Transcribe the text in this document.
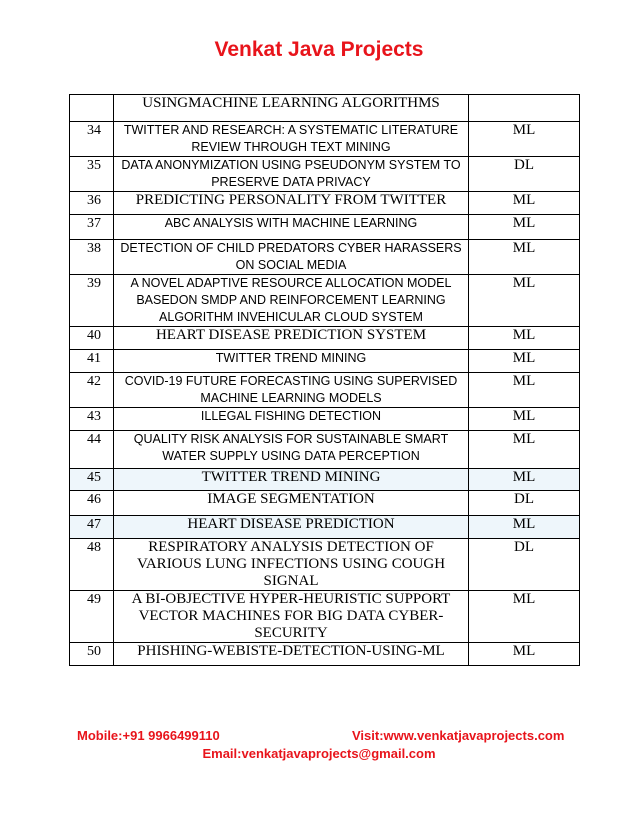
Venkat Java Projects
	USINGMACHINE LEARNING ALGORITHMS	
34	TWITTER AND RESEARCH: A SYSTEMATIC LITERATURE REVIEW THROUGH TEXT MINING	ML
35	DATA ANONYMIZATION USING PSEUDONYM SYSTEM TO PRESERVE DATA PRIVACY	DL
36	PREDICTING PERSONALITY FROM TWITTER	ML
37	ABC ANALYSIS WITH MACHINE LEARNING	ML
38	DETECTION OF CHILD PREDATORS CYBER HARASSERS ON SOCIAL MEDIA	ML
39	A NOVEL ADAPTIVE RESOURCE ALLOCATION MODEL BASEDON SMDP AND REINFORCEMENT LEARNING ALGORITHM INVEHICULAR CLOUD SYSTEM	ML
40	HEART DISEASE PREDICTION SYSTEM	ML
41	TWITTER TREND MINING	ML
42	COVID-19 FUTURE FORECASTING USING SUPERVISED MACHINE LEARNING MODELS	ML
43	ILLEGAL FISHING DETECTION	ML
44	QUALITY RISK ANALYSIS FOR SUSTAINABLE SMART WATER SUPPLY USING DATA PERCEPTION	ML
45	TWITTER TREND MINING	ML
46	IMAGE SEGMENTATION	DL
47	HEART DISEASE PREDICTION	ML
48	RESPIRATORY ANALYSIS DETECTION OF VARIOUS LUNG INFECTIONS USING COUGH SIGNAL	DL
49	A BI-OBJECTIVE HYPER-HEURISTIC SUPPORT VECTOR MACHINES FOR BIG DATA CYBER-SECURITY	ML
50	PHISHING-WEBISTE-DETECTION-USING-ML	ML
Mobile:+91 9966499110	Visit:www.venkatjavaprojects.com
Email:venkatjavaprojects@gmail.com
